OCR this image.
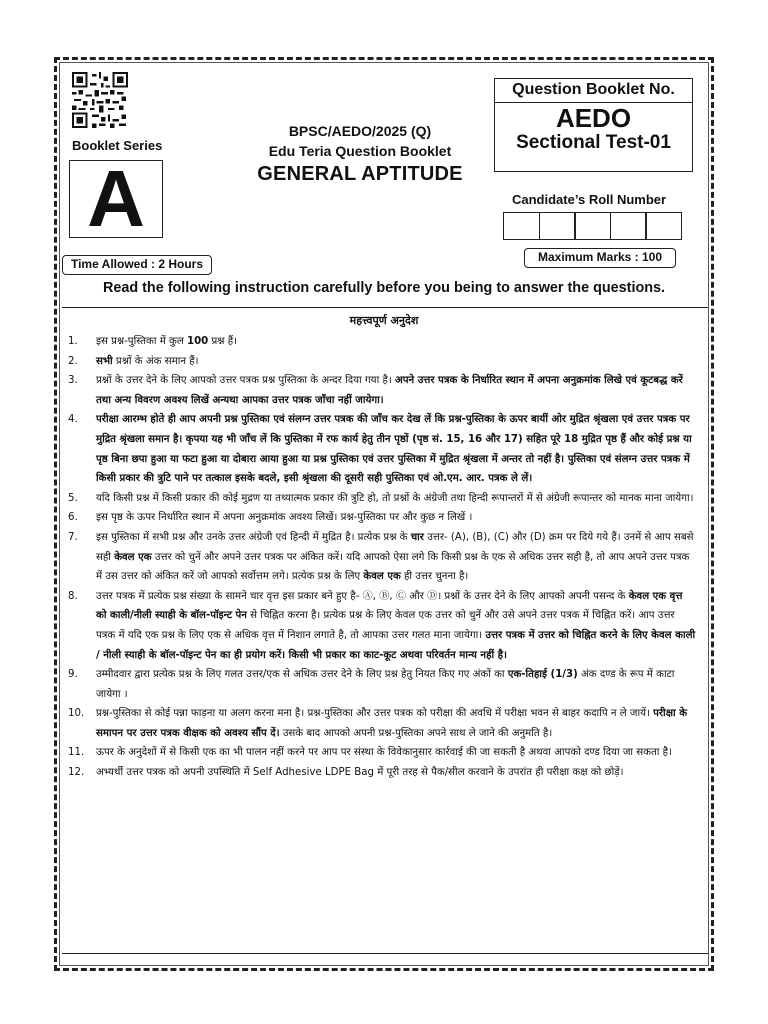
Booklet Series
A
BPSC/AEDO/2025 (Q)
Edu Teria Question Booklet
GENERAL APTITUDE
Question Booklet No.
AEDO
Sectional Test-01
Candidate’s Roll Number
Maximum Marks : 100
Time Allowed : 2 Hours
Read the following instruction carefully before you being to answer the questions.
महत्त्वपूर्ण अनुदेश
1. इस प्रश्न-पुस्तिका में कुल 100 प्रश्न हैं।
2. सभी प्रश्नों के अंक समान हैं।
3. प्रश्नों के उत्तर देने के लिए आपको उत्तर पत्रक प्रश्न पुस्तिका के अन्दर दिया गया है। अपने उत्तर पत्रक के निर्धारित स्थान में अपना अनुक्रमांक लिखे एवं कूटबद्ध करें तथा अन्य विवरण अवश्य लिखें अन्यथा आपका उत्तर पत्रक जाँचा नहीं जायेगा।
4. परीक्षा आरम्भ होते ही आप अपनी प्रश्न पुस्तिका एवं संलग्न उत्तर पत्रक की जाँच कर देख लें कि प्रश्न-पुस्तिका के ऊपर बायीं ओर मुद्रित श्रृंखला एवं उत्तर पत्रक पर मुद्रित श्रृंखला समान है। कृपया यह भी जाँच लें कि पुस्तिका में रफ कार्य हेतु तीन पृष्ठों (पृष्ठ सं. 15, 16 और 17) सहित पूरे 18 मुद्रित पृष्ठ हैं और कोई प्रश्न या पृष्ठ बिना छपा हुआ या फटा हुआ या दोबारा आया हुआ या प्रश्न पुस्तिका एवं उत्तर पुस्तिका में मुद्रित श्रृंखला में अन्तर तो नहीं है। पुस्तिका एवं संलग्न उत्तर पत्रक में किसी प्रकार की त्रुटि पाने पर तत्काल इसके बदले, इसी श्रृंखला की दूसरी सही पुस्तिका एवं ओ.एम. आर. पत्रक ले लें।
5. यदि किसी प्रश्न में किसी प्रकार की कोई मुद्रण या तथ्यात्मक प्रकार की त्रुटि हो, तो प्रश्नों के अंग्रेजी तथा हिन्दी रूपान्तरों में से अंग्रेजी रूपान्तर को मानक माना जायेगा।
6. इस पृष्ठ के ऊपर निर्धारित स्थान में अपना अनुक्रमांक अवश्य लिखें। प्रश्न-पुस्तिका पर और कुछ न लिखें ।
7. इस पुस्तिका में सभी प्रश्न और उनके उत्तर अंग्रेजी एवं हिन्दी में मुद्रित है। प्रत्येक प्रश्न के चार उत्तर- (A), (B), (C) और (D) क्रम पर दिये गये हैं। उनमें से आप सबसे सही केवल एक उत्तर को चुनें और अपने उत्तर पत्रक पर अंकित करें। यदि आपको ऐसा लगे कि किसी प्रश्न के एक से अधिक उत्तर सही है, तो आप अपने उत्तर पत्रक में उस उत्तर को अंकित करें जो आपको सर्वोत्तम लगे। प्रत्येक प्रश्न के लिए केवल एक ही उत्तर चुनना है।
8. उत्तर पत्रक में प्रत्येक प्रश्न संख्या के सामने चार वृत्त इस प्रकार बने हुए है- Ⓐ, Ⓑ, Ⓒ और Ⓓ। प्रश्नों के उत्तर देने के लिए आपको अपनी पसन्द के केवल एक वृत्त को काली/नीली स्याही के बॉल-पॉइन्ट पेन से चिह्नित करना है। प्रत्येक प्रश्न के लिए केवल एक उत्तर को चुनें और उसे अपने उत्तर पत्रक में चिह्नित करें। आप उत्तर पत्रक में यदि एक प्रश्न के लिए एक से अधिक वृत्त में निशान लगाते है, तो आपका उत्तर गलत माना जायेगा। उत्तर पत्रक में उत्तर को चिह्नित करने के लिए केवल काली / नीली स्याही के बॉल-पॉइन्ट पेन का ही प्रयोग करें। किसी भी प्रकार का काट-कूट अथवा परिवर्तन मान्य नहीं है।
9. उम्मीदवार द्वारा प्रत्येक प्रश्न के लिए गलत उत्तर/एक से अधिक उत्तर देने के लिए प्रश्न हेतु नियत किए गए अंकों का एक-तिहाई (1/3) अंक दण्ड के रूप में काटा जायेगा ।
10. प्रश्न-पुस्तिका से कोई पन्ना फाड़ना या अलग करना मना है। प्रश्न-पुस्तिका और उत्तर पत्रक को परीक्षा की अवधि में परीक्षा भवन से बाहर कदापि न ले जायें। परीक्षा के समापन पर उत्तर पत्रक वीक्षक को अवश्य सौंप दें। उसके बाद आपको अपनी प्रश्न-पुस्तिका अपने साथ ले जाने की अनुमति है।
11. ऊपर के अनुदेशों में से किसी एक का भी पालन नहीं करने पर आप पर संस्था के विवेकानुसार कार्रवाई की जा सकती है अथवा आपको दण्ड दिया जा सकता है।
12. अभ्यर्थी उत्तर पत्रक को अपनी उपस्थिति में Self Adhesive LDPE Bag में पूरी तरह से पैक/सील करवाने के उपरांत ही परीक्षा कक्ष को छोड़ें।
